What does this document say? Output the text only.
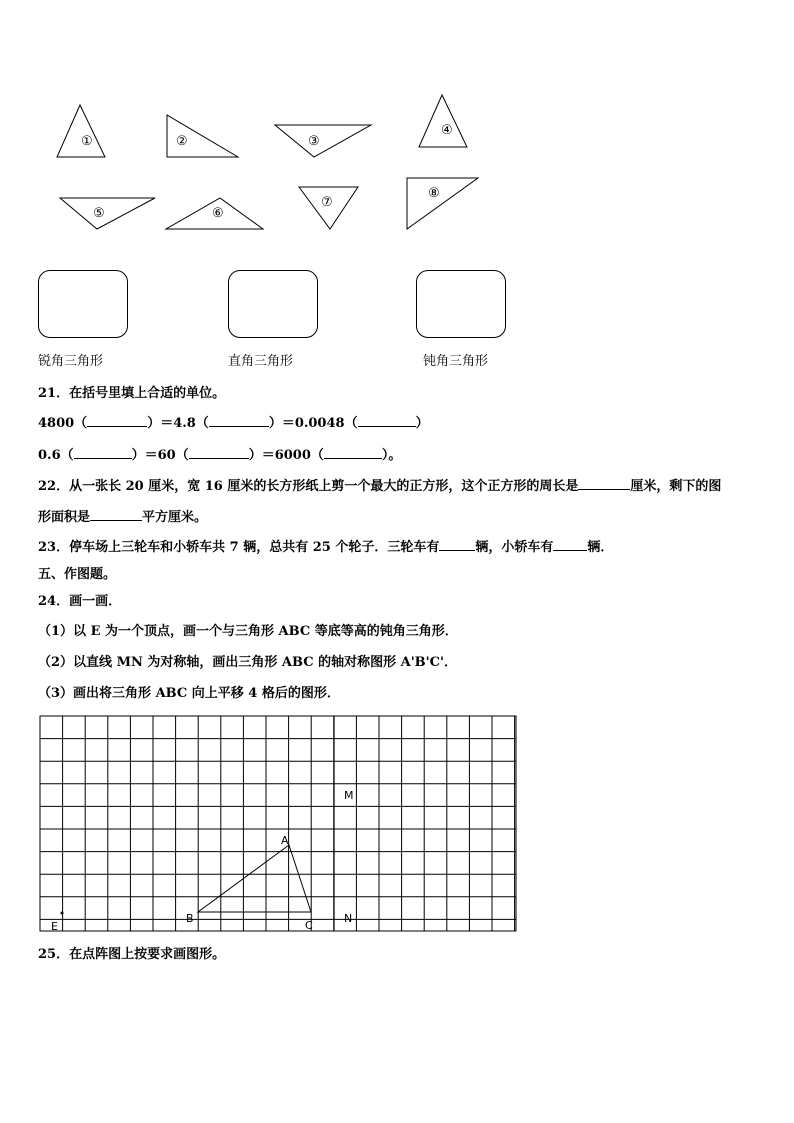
①	②	③
④
⑤	⑥
⑦
⑧
锐角三角形	直角三角形	钝角三角形
21．在括号里填上合适的单位。
4800（	）＝4.8（	）＝0.0048（	）
0.6（	）＝60（	）＝6000（	）。
22．从一张长 20 厘米，宽 16 厘米的长方形纸上剪一个最大的正方形，这个正方形的周长是	厘米，剩下的图
形面积是	平方厘米。
23．停车场上三轮车和小轿车共 7 辆，总共有 25 个轮子．三轮车有	辆，小轿车有	辆．
五、作图题。
24．画一画．
（1）以 E 为一个顶点，画一个与三角形 ABC 等底等高的钝角三角形．
（2）以直线 MN 为对称轴，画出三角形 ABC 的轴对称图形 A'B'C'．
（3）画出将三角形 ABC 向上平移 4 格后的图形．
M
A
B
C
N
E
25．在点阵图上按要求画图形。
